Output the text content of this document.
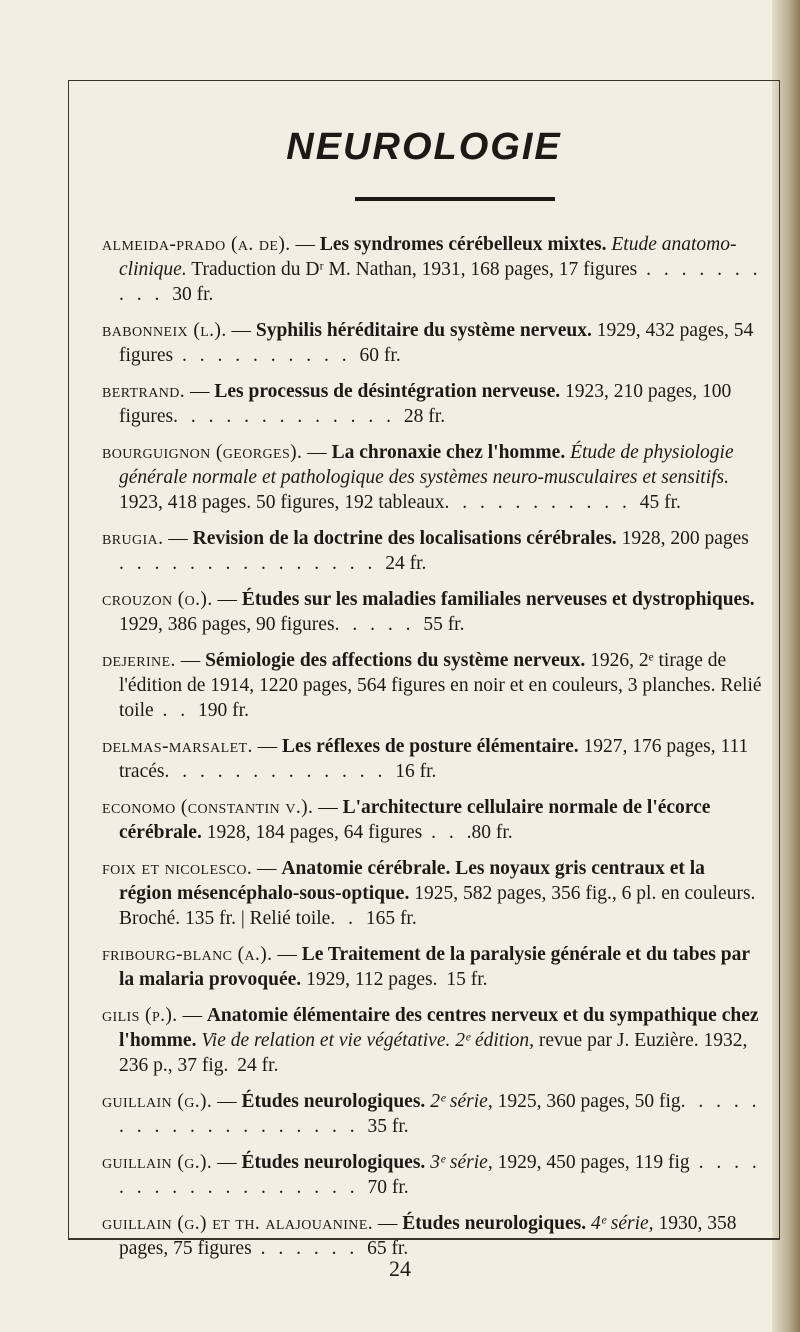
NEUROLOGIE
almeida-prado (a. de). — Les syndromes cérébelleux mixtes. Etude anatomo-clinique. Traduction du Dʳ M. Nathan, 1931, 168 pages, 17 figures . . . . . . . . . . 30 fr.
babonneix (l.). — Syphilis héréditaire du système nerveux. 1929, 432 pages, 54 figures . . . . . . . . . . 60 fr.
bertrand. — Les processus de désintégration nerveuse. 1923, 210 pages, 100 figures. . . . . . . . . . . . . 28 fr.
bourguignon (georges). — La chronaxie chez l'homme. Étude de physiologie générale normale et pathologique des systèmes neuro-musculaires et sensitifs. 1923, 418 pages. 50 figures, 192 tableaux. . . . . . . . . . . 45 fr.
brugia. — Revision de la doctrine des localisations cérébrales. 1928, 200 pages . . . . . . . . . . . . . . . 24 fr.
crouzon (o.). — Études sur les maladies familiales nerveuses et dystrophiques. 1929, 386 pages, 90 figures. . . . . 55 fr.
dejerine. — Sémiologie des affections du système nerveux. 1926, 2ᵉ tirage de l'édition de 1914, 1220 pages, 564 figures en noir et en couleurs, 3 planches. Relié toile . . 190 fr.
delmas-marsalet. — Les réflexes de posture élémentaire. 1927, 176 pages, 111 tracés. . . . . . . . . . . . . 16 fr.
economo (constantin v.). — L'architecture cellulaire normale de l'écorce cérébrale. 1928, 184 pages, 64 figures . . .80 fr.
foix et nicolesco. — Anatomie cérébrale. Les noyaux gris centraux et la région mésencéphalo-sous-optique. 1925, 582 pages, 356 fig., 6 pl. en couleurs. Broché. 135 fr. | Relié toile. . 165 fr.
fribourg-blanc (a.). — Le Traitement de la paralysie générale et du tabes par la malaria provoquée. 1929, 112 pages. 15 fr.
gilis (p.). — Anatomie élémentaire des centres nerveux et du sympathique chez l'homme. Vie de relation et vie végétative. 2ᵉ édition, revue par J. Euzière. 1932, 236 p., 37 fig. 24 fr.
guillain (g.). — Études neurologiques. 2ᵉ série, 1925, 360 pages, 50 fig. . . . . . . . . . . . . . . . . . . 35 fr.
guillain (g.). — Études neurologiques. 3ᵉ série, 1929, 450 pages, 119 fig . . . . . . . . . . . . . . . . . . 70 fr.
guillain (g.) et th. alajouanine. — Études neurologiques. 4ᵉ série, 1930, 358 pages, 75 figures . . . . . . 65 fr.
24
